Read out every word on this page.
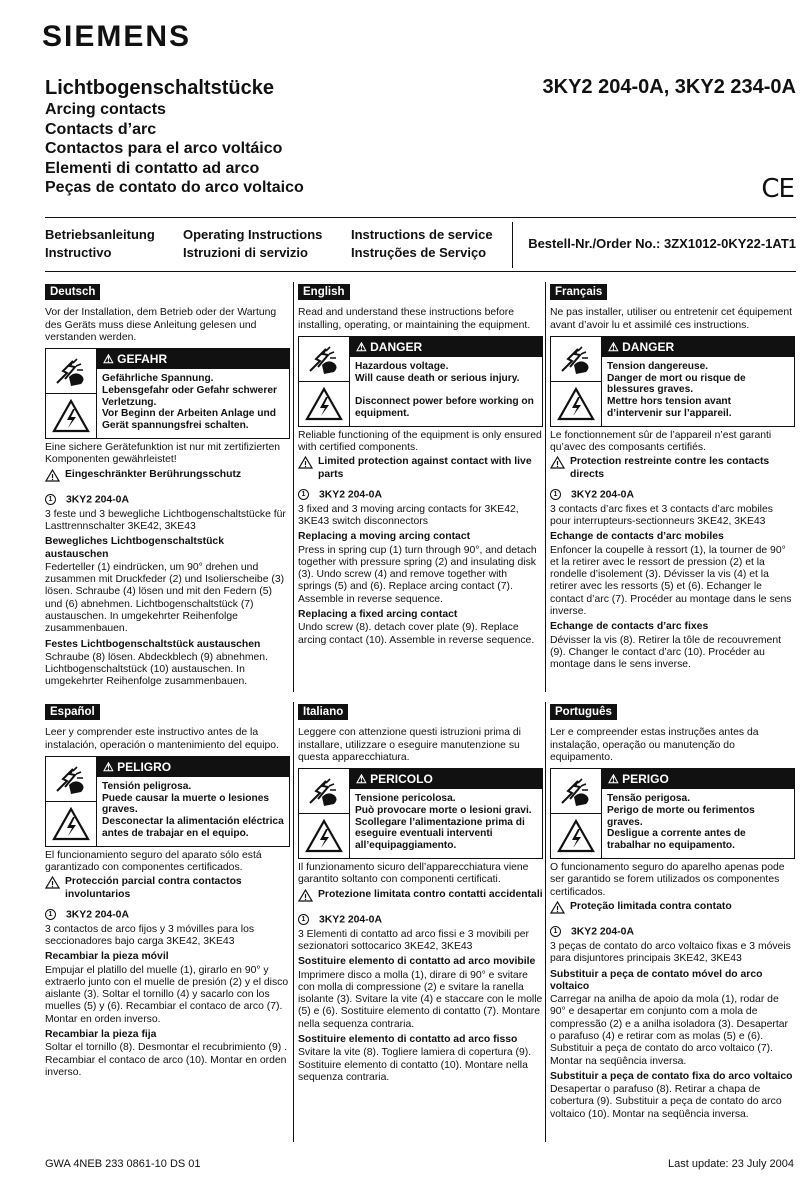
SIEMENS
Lichtbogenschaltstücke
Arcing contacts
Contacts d’arc
Contactos para el arco voltáico
Elementi di contatto ad arco
Peças de contato do arco voltaico
3KY2 204-0A, 3KY2 234-0A
CE
Betriebsanleitung
Instructivo
Operating Instructions
Istruzioni di servizio
Instructions de service
Instruções de Serviço
Bestell-Nr./Order No.: 3ZX1012-0KY22-1AT1
Deutsch

Vor der Installation, dem Betrieb oder der Wartung des Geräts muss diese Anleitung gelesen und verstanden werden.

⚠ GEFAHR
Gefährliche Spannung.
Lebensgefahr oder Gefahr schwerer Verletzung.
Vor Beginn der Arbeiten Anlage und Gerät spannungsfrei schalten.

Eine sichere Gerätefunktion ist nur mit zertifizierten Komponenten gewährleistet!

Eingeschränkter Berührungsschutz
1 3KY2 204-0A

3 feste und 3 bewegliche Lichtbogenschaltstücke für Lasttrennschalter 3KE42, 3KE43

Bewegliches Lichtbogenschaltstück austauschen

Federteller (1) eindrücken, um 90° drehen und zusammen mit Druckfeder (2) und Isolierscheibe (3) lösen. Schraube (4) lösen und mit den Federn (5) und (6) abnehmen. Lichtbogenschaltstück (7) austauschen. In umgekehrter Reihenfolge zusammenbauen.

Festes Lichtbogenschaltstück austauschen

Schraube (8) lösen. Abdeckblech (9) abnehmen. Lichtbogenschaltstück (10) austauschen. In umgekehrter Reihenfolge zusammenbauen.

English

Read and understand these instructions before installing, operating, or maintaining the equipment.

⚠ DANGER
Hazardous voltage.
Will cause death or serious injury.

Disconnect power before working on equipment.

Reliable functioning of the equipment is only ensured with certified components.

Limited protection against contact with live parts
1 3KY2 204-0A

3 fixed and 3 moving arcing contacts for 3KE42, 3KE43 switch disconnectors

Replacing a moving arcing contact

Press in spring cup (1) turn through 90°, and detach together with pressure spring (2) and insulating disk (3). Undo screw (4) and remove together with springs (5) and (6). Replace arcing contact (7). Assemble in reverse sequence.

Replacing a fixed arcing contact

Undo screw (8). detach cover plate (9). Replace arcing contact (10). Assemble in reverse sequence.

Français

Ne pas installer, utiliser ou entretenir cet équipement avant d’avoir lu et assimilé ces instructions.

⚠ DANGER
Tension dangereuse.
Danger de mort ou risque de blessures graves.
Mettre hors tension avant d’intervenir sur l’appareil.

Le fonctionnement sûr de l’appareil n’est garanti qu’avec des composants certifiés.

Protection restreinte contre les contacts directs
1 3KY2 204-0A

3 contacts d’arc fixes et 3 contacts d’arc mobiles pour interrupteurs-sectionneurs 3KE42, 3KE43

Echange de contacts d’arc mobiles

Enfoncer la coupelle à ressort (1), la tourner de 90° et la retirer avec le ressort de pression (2) et la rondelle d’isolement (3). Dévisser la vis (4) et la retirer avec les ressorts (5) et (6). Echanger le contact d’arc (7). Procéder au montage dans le sens inverse.

Echange de contacts d’arc fixes

Dévisser la vis (8). Retirer la tôle de recouvrement (9). Changer le contact d’arc (10). Procéder au montage dans le sens inverse.

Español

Leer y comprender este instructivo antes de la instalación, operación o mantenimiento del equipo.

⚠ PELIGRO
Tensión peligrosa.
Puede causar la muerte o lesiones graves.
Desconectar la alimentación eléctrica antes de trabajar en el equipo.

El funcionamiento seguro del aparato sólo está garantizado con componentes certificados.

Protección parcial contra contactos involuntarios
1 3KY2 204-0A

3 contactos de arco fijos y 3 móvilles para los seccionadores bajo carga 3KE42, 3KE43

Recambiar la pieza móvil

Empujar el platillo del muelle (1), girarlo en 90° y extraerlo junto con el muelle de presión (2) y el disco aislante (3). Soltar el tornillo (4) y sacarlo con los muelles (5) y (6). Recambiar el contaco de arco (7). Montar en orden inverso.

Recambiar la pieza fija

Soltar el tornillo (8). Desmontar el recubrimiento (9) . Recambiar el contaco de arco (10). Montar en orden inverso.

Italiano

Leggere con attenzione questi istruzioni prima di installare, utilizzare o eseguire manutenzione su questa apparecchiatura.

⚠ PERICOLO
Tensione pericolosa.
Può provocare morte o lesioni gravi.
Scollegare l’alimentazione prima di eseguire eventuali interventi all’equipaggiamento.

Il funzionamento sicuro dell’apparecchiatura viene garantito soltanto con componenti certificati.

Protezione limitata contro contatti accidentali
1 3KY2 204-0A

3 Elementi di contatto ad arco fissi e 3 movibili per sezionatori sottocarico 3KE42, 3KE43

Sostituire elemento di contatto ad arco movibile

Imprimere disco a molla (1), dirare di 90° e svitare con molla di compressione (2) e svitare la ranella isolante (3). Svitare la vite (4) e staccare con le molle (5) e (6). Sostituire elemento di contatto (7). Montare nella sequenza contraria.

Sostituire elemento di contatto ad arco fisso

Svitare la vite (8). Togliere lamiera di copertura (9). Sostituire elemento di contatto (10). Montare nella sequenza contraria.

Português

Ler e compreender estas instruções antes da instalação, operação ou manutenção do equipamento.

⚠ PERIGO
Tensão perigosa.
Perigo de morte ou ferimentos graves.
Desligue a corrente antes de trabalhar no equipamento.

O funcionamento seguro do aparelho apenas pode ser garantido se forem utilizados os componentes certificados.

Proteção limitada contra contato
1 3KY2 204-0A

3 peças de contato do arco voltaico fixas e 3 móveis para disjuntores principais 3KE42, 3KE43

Substituir a peça de contato móvel do arco voltaico

Carregar na anilha de apoio da mola (1), rodar de 90° e desapertar em conjunto com a mola de compressão (2) e a anilha isoladora (3). Desapertar o parafuso (4) e retirar com as molas (5) e (6). Substituir a peça de contato do arco voltaico (7). Montar na seqüência inversa.

Substituir a peça de contato fixa do arco voltaico

Desapertar o parafuso (8). Retirar a chapa de cobertura (9). Substituir a peça de contato do arco voltaico (10). Montar na seqüência inversa.

GWA 4NEB 233 0861-10 DS 01	Last update: 23 July 2004
